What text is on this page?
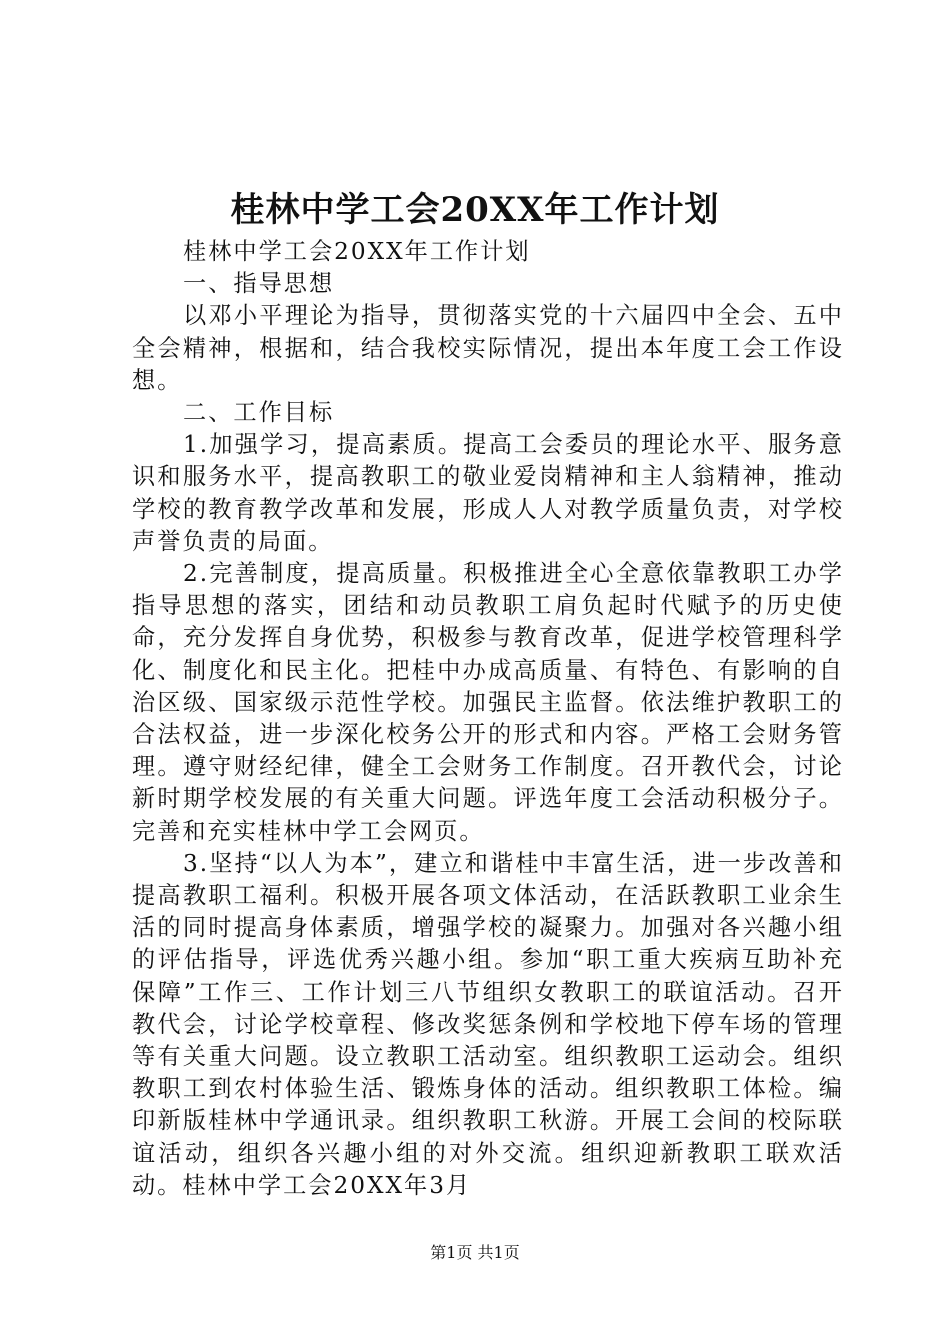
桂林中学工会20XX年工作计划

桂林中学工会20XX年工作计划

一、指导思想

以邓小平理论为指导，贯彻落实党的十六届四中全会、五中全会精神，根据和，结合我校实际情况，提出本年度工会工作设想。

二、工作目标

1.加强学习，提高素质。提高工会委员的理论水平、服务意识和服务水平，提高教职工的敬业爱岗精神和主人翁精神，推动学校的教育教学改革和发展，形成人人对教学质量负责，对学校声誉负责的局面。

2.完善制度，提高质量。积极推进全心全意依靠教职工办学指导思想的落实，团结和动员教职工肩负起时代赋予的历史使命，充分发挥自身优势，积极参与教育改革，促进学校管理科学化、制度化和民主化。把桂中办成高质量、有特色、有影响的自治区级、国家级示范性学校。加强民主监督。依法维护教职工的合法权益，进一步深化校务公开的形式和内容。严格工会财务管理。遵守财经纪律，健全工会财务工作制度。召开教代会，讨论新时期学校发展的有关重大问题。评选年度工会活动积极分子。完善和充实桂林中学工会网页。

3.坚持“以人为本”，建立和谐桂中丰富生活，进一步改善和提高教职工福利。积极开展各项文体活动，在活跃教职工业余生活的同时提高身体素质，增强学校的凝聚力。加强对各兴趣小组的评估指导，评选优秀兴趣小组。参加“职工重大疾病互助补充保障”工作三、工作计划三八节组织女教职工的联谊活动。召开教代会，讨论学校章程、修改奖惩条例和学校地下停车场的管理等有关重大问题。设立教职工活动室。组织教职工运动会。组织教职工到农村体验生活、锻炼身体的活动。组织教职工体检。编印新版桂林中学通讯录。组织教职工秋游。开展工会间的校际联谊活动，组织各兴趣小组的对外交流。组织迎新教职工联欢活动。桂林中学工会20XX年3月

第1页 共1页
